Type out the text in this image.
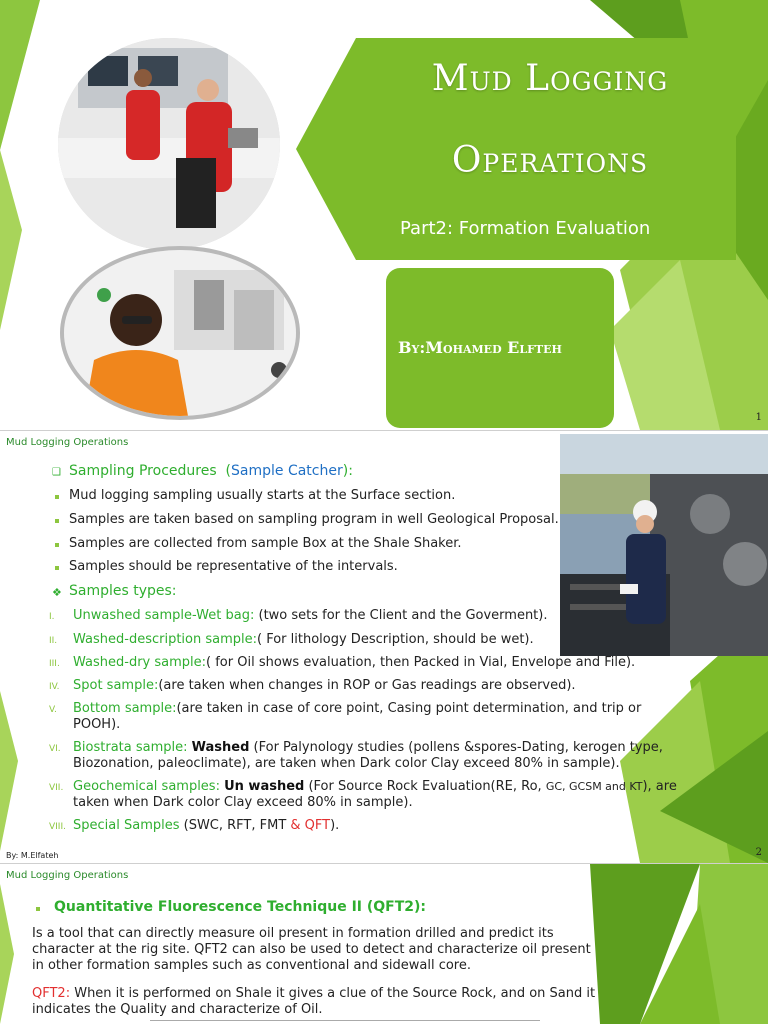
Mud Logging
Operations
Part2: Formation Evaluation
By:Mohamed Elfteh
1
Mud Logging Operations
❑ Sampling Procedures (Sample Catcher):
Mud logging sampling usually starts at the Surface section.
Samples are taken based on sampling program in well Geological Proposal.
Samples are collected from sample Box at the Shale Shaker.
Samples should be representative of the intervals.
❖ Samples types:
I. Unwashed sample-Wet bag: (two sets for the Client and the Goverment).
II. Washed-description sample:( For lithology Description, should be wet).
III. Washed-dry sample:( for Oil shows evaluation, then Packed in Vial, Envelope and File).
IV. Spot sample:(are taken when changes in ROP or Gas readings are observed).
V. Bottom sample:(are taken in case of core point, Casing point determination, and trip or
POOH).
VI. Biostrata sample: Washed (For Palynology studies (pollens &spores-Dating, kerogen type,
Biozonation, paleoclimate), are taken when Dark color Clay exceed 80% in sample).
VII. Geochemical samples: Un washed (For Source Rock Evaluation(RE, Ro, GC, GCSM and KT), are
taken when Dark color Clay exceed 80% in sample).
VIII. Special Samples (SWC, RFT, FMT & QFT).
By: M.Elfateh	2
Mud Logging Operations
Quantitative Fluorescence Technique II (QFT2):
Is a tool that can directly measure oil present in formation drilled and predict its
character at the rig site. QFT2 can also be used to detect and characterize oil present
in other formation samples such as conventional and sidewall core.
QFT2: When it is performed on Shale it gives a clue of the Source Rock, and on Sand it
indicates the Quality and characterize of Oil.
